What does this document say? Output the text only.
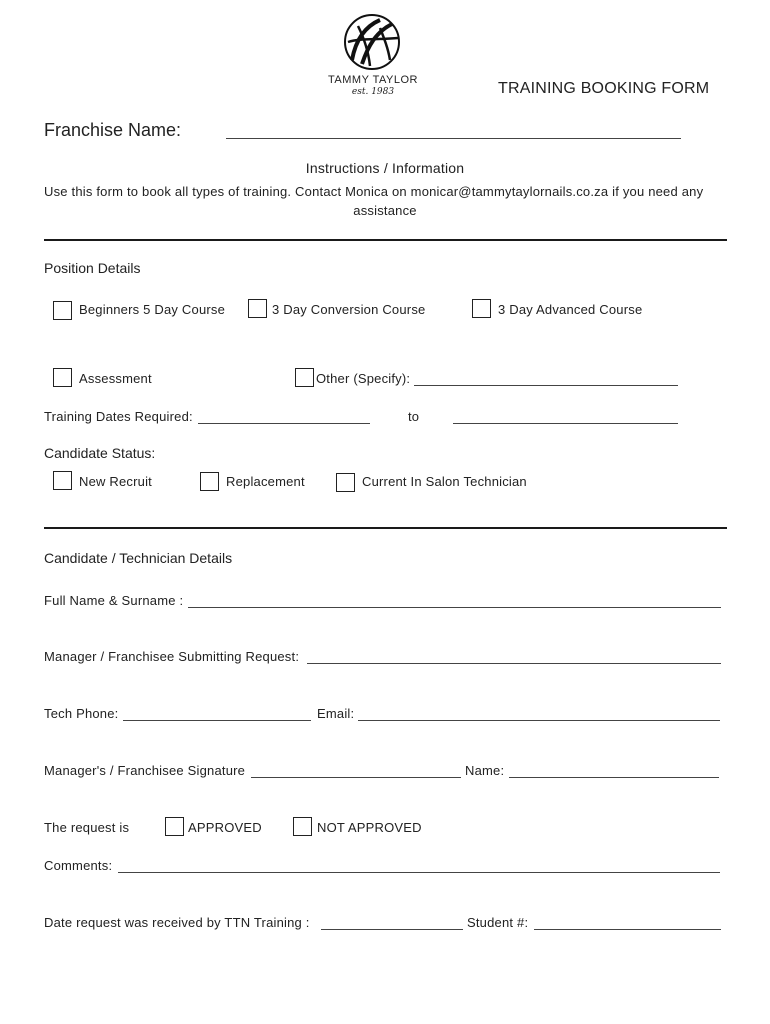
TAMMY TAYLOR
est. 1983	TRAINING BOOKING FORM
Franchise Name:
Instructions / Information
Use this form to book all types of training. Contact Monica on monicar@tammytaylornails.co.za if you need any
assistance
Position Details
Beginners 5 Day Course	3 Day Conversion Course	3 Day Advanced Course
Assessment	Other (Specify):
Training Dates Required:	to
Candidate Status:
New Recruit	Replacement	Current In Salon Technician
Candidate / Technician Details
Full Name & Surname :
Manager / Franchisee Submitting Request:
Tech Phone:	Email:
Manager's / Franchisee Signature	Name:
The request is	APPROVED	NOT APPROVED
Comments:
Date request was received by TTN Training :	Student #:
